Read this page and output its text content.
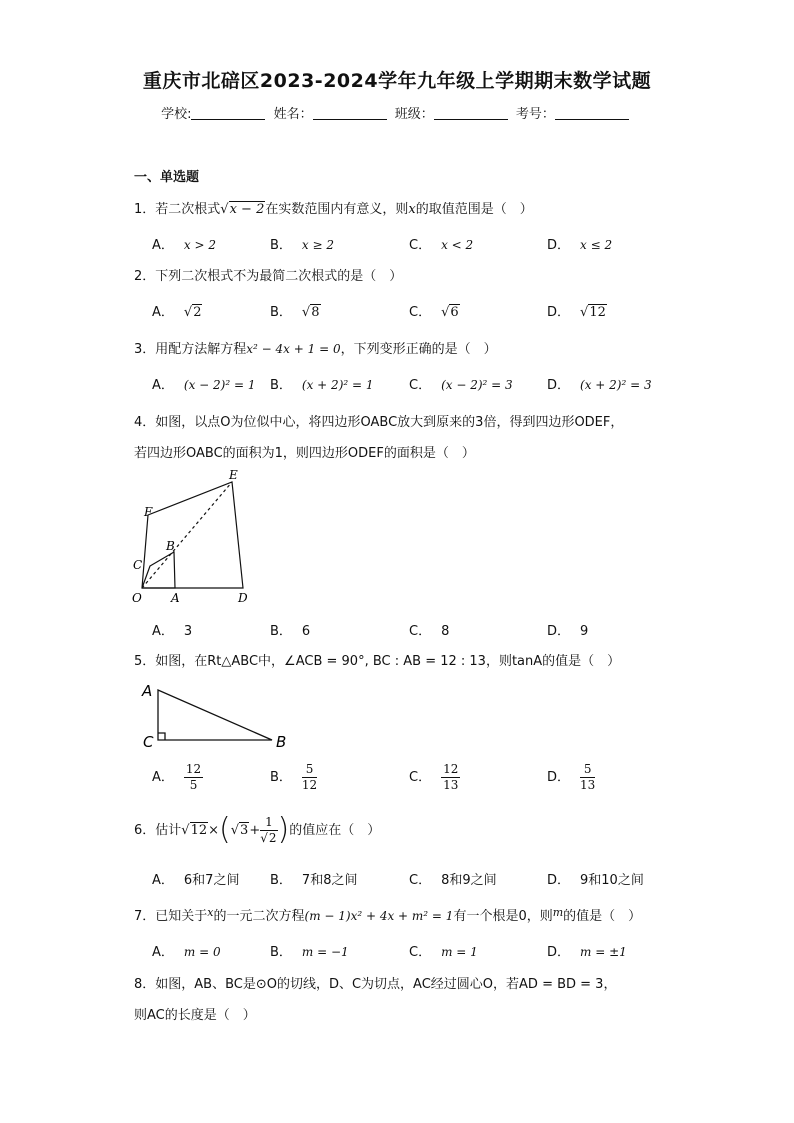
重庆市北碚区2023-2024学年九年级上学期期末数学试题
学校:	姓名：	班级：	考号：
一、单选题
1．若二次根式√x − 2在实数范围内有意义，则x的取值范围是（　）
A． x > 2	B． x ≥ 2	C． x < 2	D． x ≤ 2
2．下列二次根式不为最简二次根式的是（　）
A． √2	B． √8	C． √6	D． √12
3．用配方法解方程x² − 4x + 1 = 0，下列变形正确的是（　）
A． (x − 2)² = 1 B． (x + 2)² = 1	C． (x − 2)² = 3	D． (x + 2)² = 3
4．如图，以点O为位似中心，将四边形OABC放大到原来的3倍，得到四边形ODEF，
若四边形OABC的面积为1，则四边形ODEF的面积是（　）
O A
B
C
D
E
F
A． 3	B． 6	C． 8	D． 9
5．如图，在Rt△ABC中，∠ACB = 90°, BC : AB = 12 : 13，则tanA的值是（　）
A
C	B
A． $\frac{12}{5}$	B． $\frac{5}{12}$	C． $\frac{12}{13}$	D． $\frac{5}{13}$
6．估计$√12\times(√3+ \frac{1}{√2}$ )的值应在（　）
A． 6和7之间 B． 7和8之间	C． 8和9之间	D． 9和10之间
7．已知关于$^x$的一元二次方程(m − 1)x² + 4x + m² = 1有一个根是0，则$^m$的值是（　）
A． m = 0	B． m = −1	C． m = 1	D． m = ±1
8．如图，AB、BC是⊙O的切线，D、C为切点，AC经过圆心O，若AD = BD = 3，
则AC的长度是（　）
